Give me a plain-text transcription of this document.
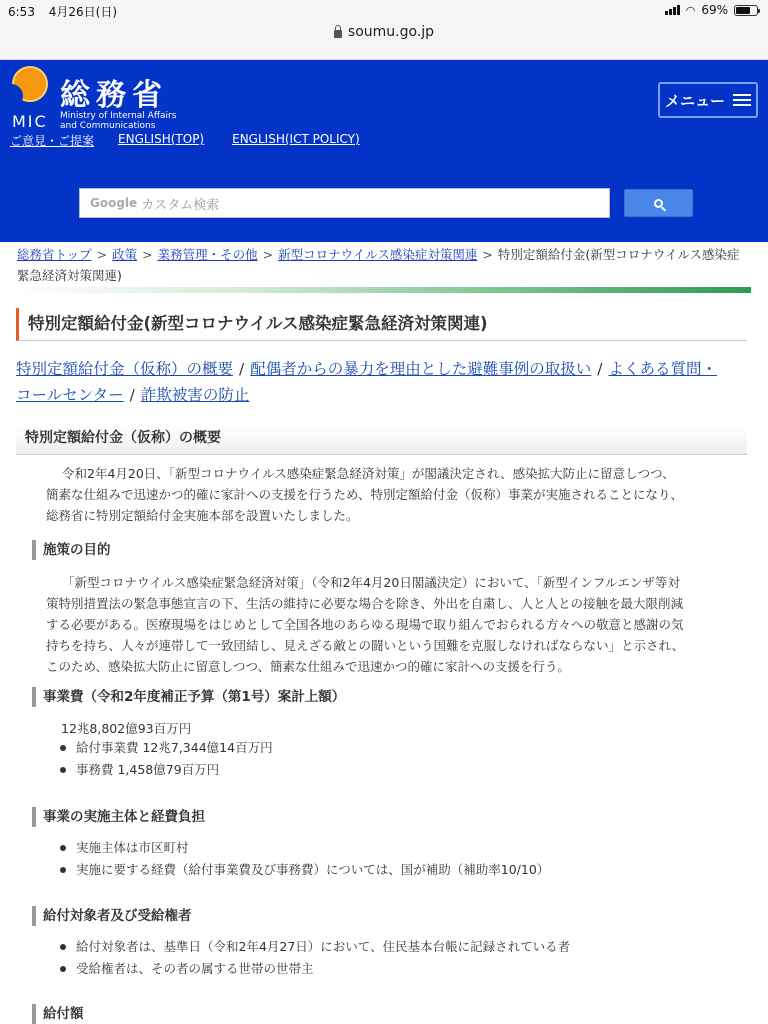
6:53 4月26日(日)	◠ 69%
soumu.go.jp
総務省
MIC Ministry of Internal Affairs
and Communications
ご意見・ご提案 ENGLISH(TOP) ENGLISH(ICT POLICY)
メニュー
Google カスタム検索
総務省トップ > 政策 > 業務管理・その他 > 新型コロナウイルス感染症対策関連 > 特別定額給付金(新型コロナウイルス感染症緊急経済対策関連)
特別定額給付金(新型コロナウイルス感染症緊急経済対策関連)
特別定額給付金（仮称）の概要 / 配偶者からの暴力を理由とした避難事例の取扱い / よくある質問・
コールセンター / 詐欺被害の防止
特別定額給付金（仮称）の概要
令和2年4月20日、「新型コロナウイルス感染症緊急経済対策」が閣議決定され、感染拡大防止に留意しつつ、
簡素な仕組みで迅速かつ的確に家計への支援を行うため、特別定額給付金（仮称）事業が実施されることになり、
総務省に特別定額給付金実施本部を設置いたしました。
施策の目的
「新型コロナウイルス感染症緊急経済対策」（令和2年4月20日閣議決定）において、「新型インフルエンザ等対
策特別措置法の緊急事態宣言の下、生活の維持に必要な場合を除き、外出を自粛し、人と人との接触を最大限削減
する必要がある。医療現場をはじめとして全国各地のあらゆる現場で取り組んでおられる方々への敬意と感謝の気
持ちを持ち、人々が連帯して一致団結し、見えざる敵との闘いという国難を克服しなければならない」と示され、
このため、感染拡大防止に留意しつつ、簡素な仕組みで迅速かつ的確に家計への支援を行う。
事業費（令和2年度補正予算（第1号）案計上額）
12兆8,802億93百万円
給付事業費 12兆7,344億14百万円
事務費 1,458億79百万円
事業の実施主体と経費負担
実施主体は市区町村
実施に要する経費（給付事業費及び事務費）については、国が補助（補助率10/10）
給付対象者及び受給権者
給付対象者は、基準日（令和2年4月27日）において、住民基本台帳に記録されている者
受給権者は、その者の属する世帯の世帯主
給付額
